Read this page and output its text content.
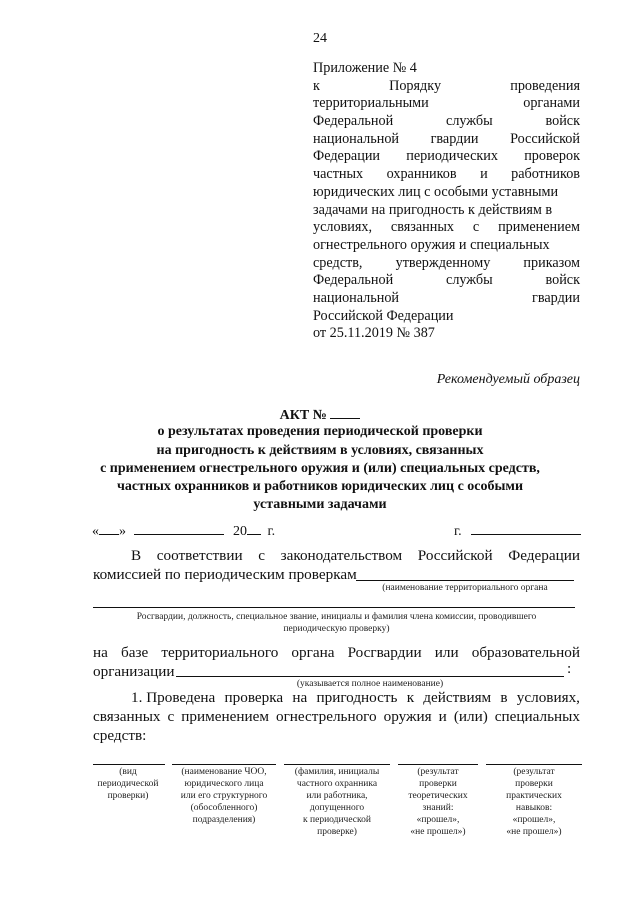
24
Приложение № 4
к	Порядку	проведения
территориальными	органами
Федеральной	службы	войск
национальной гвардии Российской
Федерации периодических проверок
частных охранников и работников
юридических лиц с особыми уставными
задачами на пригодность к действиям в
условиях, связанных с применением
огнестрельного оружия и специальных
средств, утвержденному приказом
Федеральной	службы	войск
национальной	гвардии
Российской Федерации
от 25.11.2019 № 387
Рекомендуемый образец
АКТ №
о результатах проведения периодической проверки
на пригодность к действиям в условиях, связанных
с применением огнестрельного оружия и (или) специальных средств,
частных охранников и работников юридических лиц с особыми
уставными задачами
« »	20 г.	г.
В соответствии с законодательством Российской Федерации
комиссией по периодическим проверкам
(наименование территориального органа
Росгвардии, должность, специальное звание, инициалы и фамилия члена комиссии, проводившего
периодическую проверку)
на базе территориального органа Росгвардии или образовательной
организации	:
(указывается полное наименование)
1. Проведена проверка на пригодность к действиям в условиях,
связанных с применением огнестрельного оружия и (или) специальных
средств:
(вид
периодической
проверки)
(наименование ЧОО,
юридического лица
или его структурного
(обособленного)
подразделения)
(фамилия, инициалы
частного охранника
или работника,
допущенного
к периодической
проверке)
(результат
проверки
теоретических
знаний:
«прошел»,
«не прошел»)
(результат
проверки
практических
навыков:
«прошел»,
«не прошел»)
